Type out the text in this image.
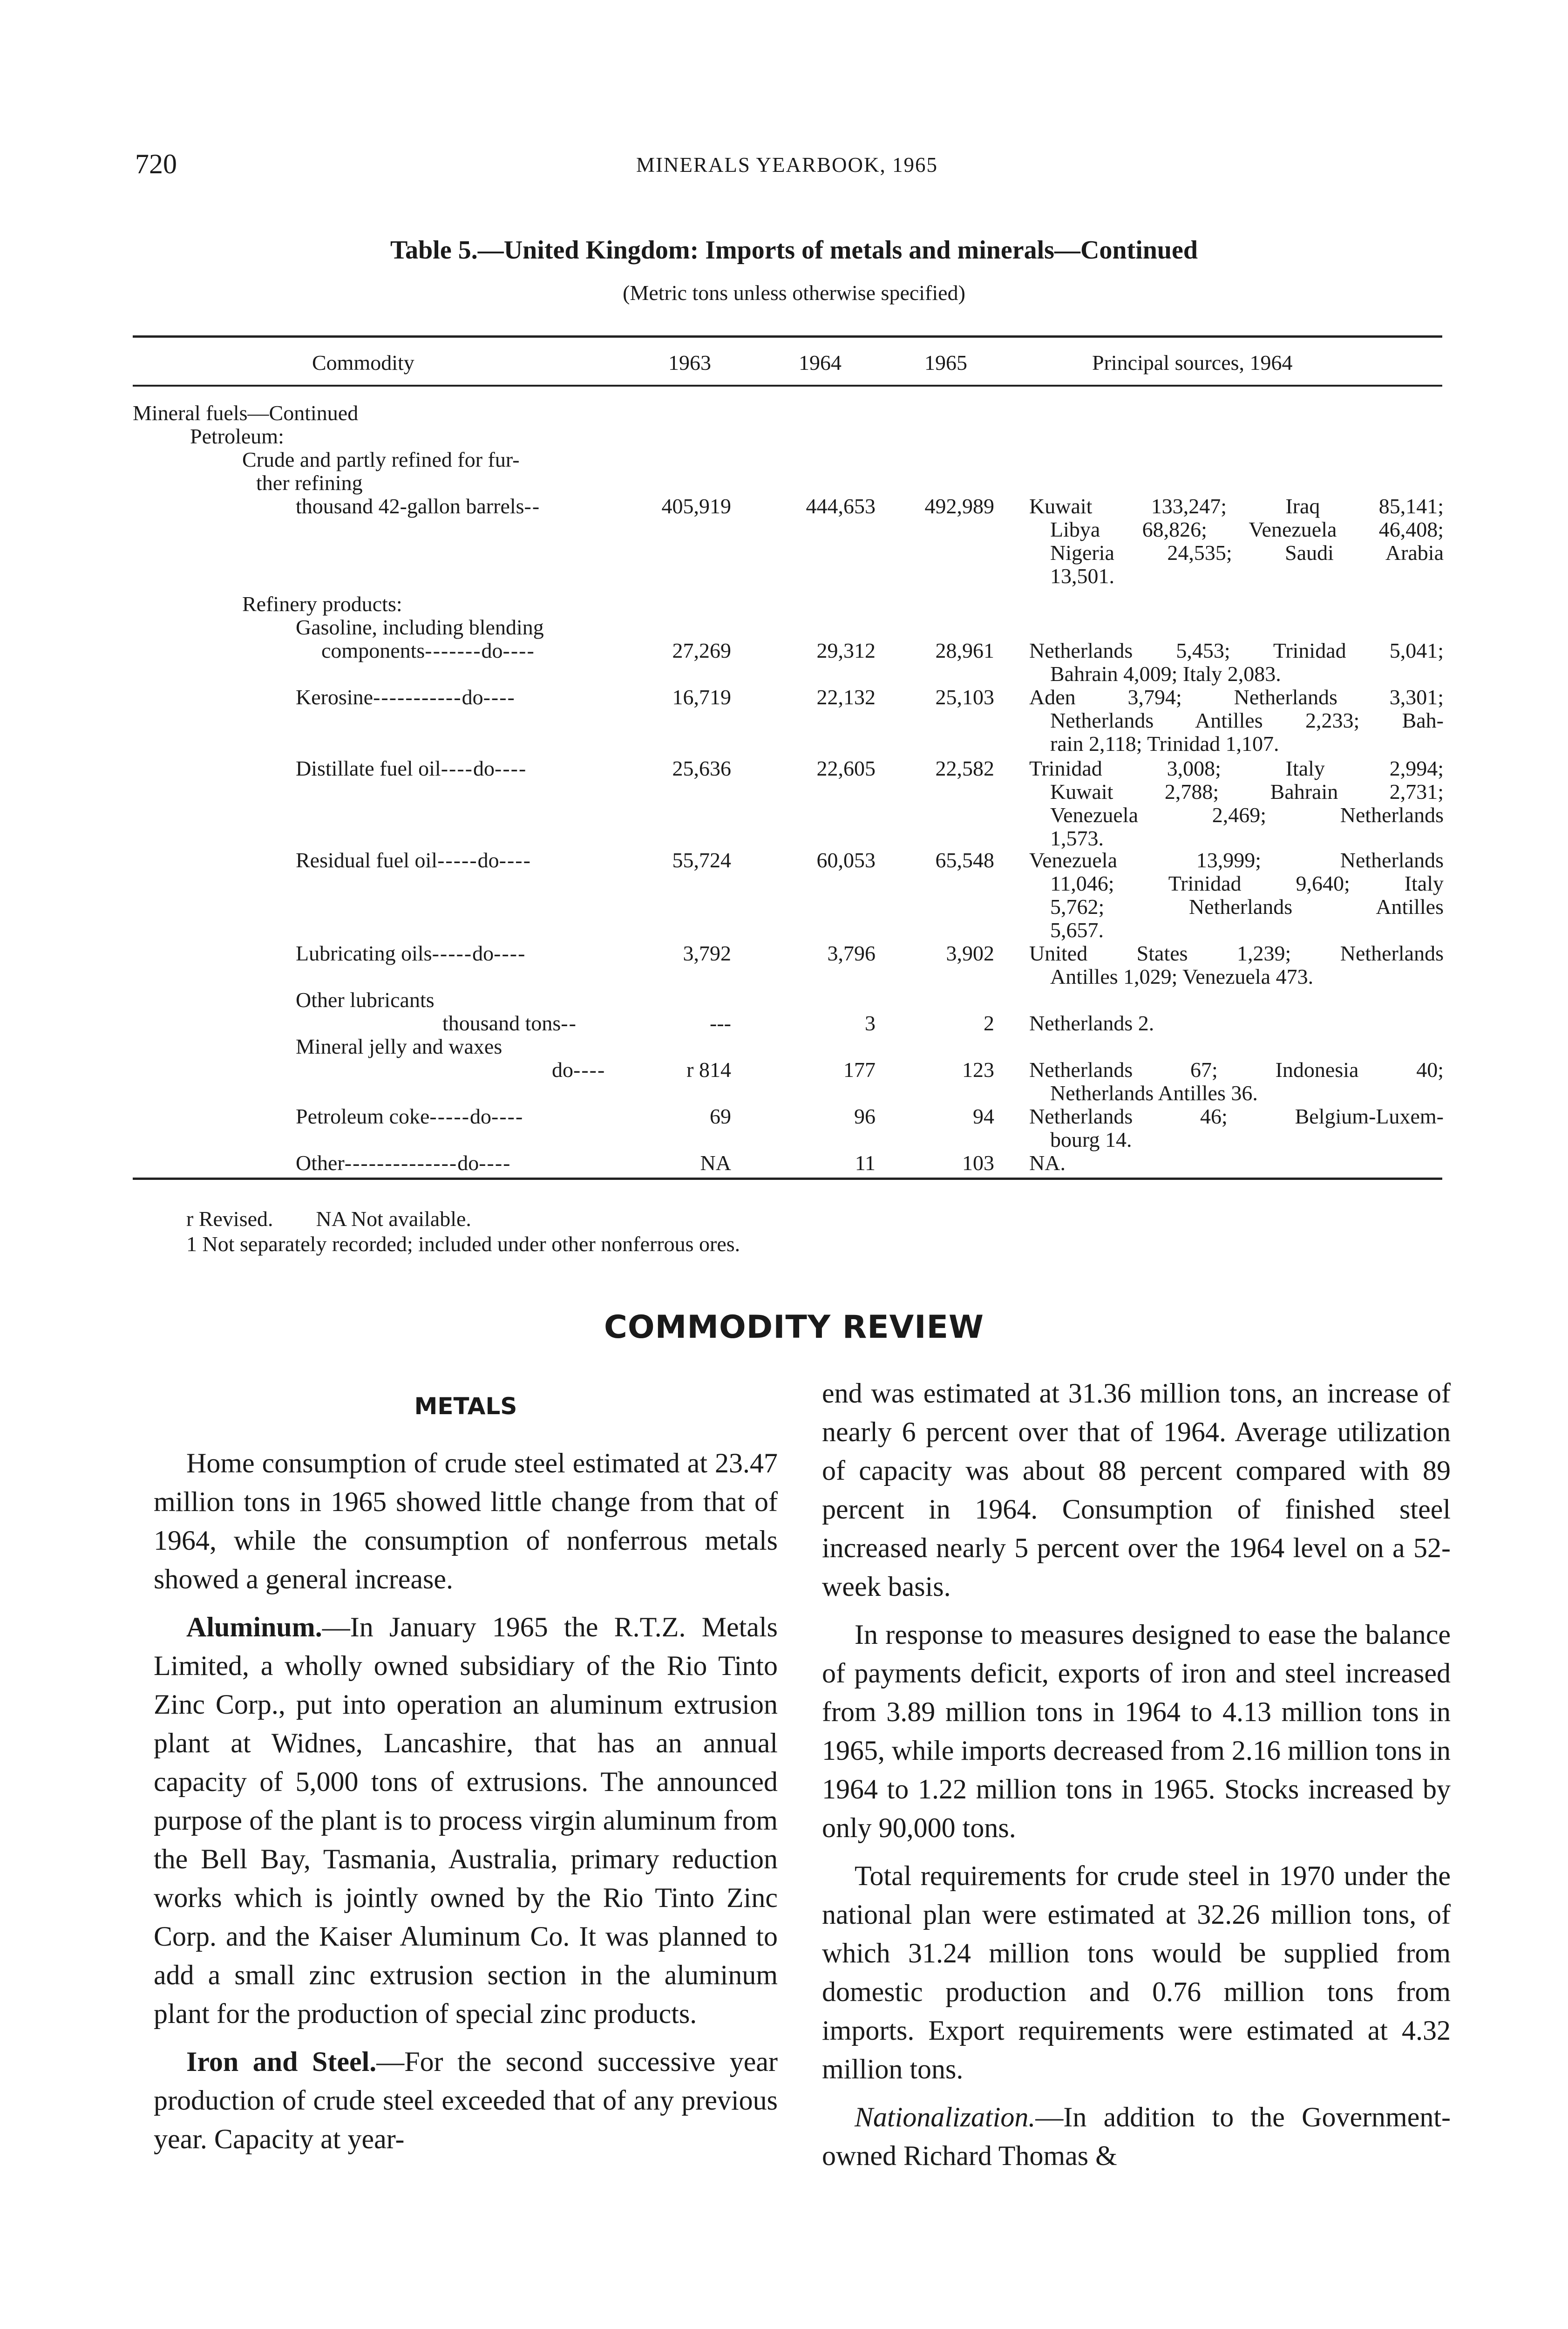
720	MINERALS YEARBOOK, 1965
Table 5.—United Kingdom: Imports of metals and minerals—Continued
(Metric tons unless otherwise specified)
Commodity	1963	1964	1965	Principal sources, 1964
Mineral fuels—Continued
Petroleum:
Crude and partly refined for fur-
ther refining
thousand 42-gallon barrels--	405,919	444,653	492,989 Kuwait 133,247; Iraq 85,141;
Libya 68,826; Venezuela 46,408;
Nigeria 24,535; Saudi Arabia
13,501.
Refinery products:
Gasoline, including blending
components-------do----	27,269	29,312	28,961 Netherlands 5,453; Trinidad 5,041;
Bahrain 4,009; Italy 2,083.
Kerosine-----------do----	16,719	22,132	25,103 Aden 3,794; Netherlands 3,301;
Netherlands Antilles 2,233; Bah-
rain 2,118; Trinidad 1,107.
Distillate fuel oil----do----	25,636	22,605	22,582 Trinidad 3,008; Italy 2,994;
Kuwait 2,788; Bahrain 2,731;
Venezuela 2,469; Netherlands
1,573.
Residual fuel oil-----do----	55,724	60,053	65,548 Venezuela 13,999; Netherlands
11,046; Trinidad 9,640; Italy
5,762; Netherlands Antilles
5,657.
Lubricating oils-----do----	3,792	3,796	3,902 United States 1,239; Netherlands
Antilles 1,029; Venezuela 473.
Other lubricants
thousand tons--	---	3	2 Netherlands 2.
Mineral jelly and waxes
do----	r 814	177	123 Netherlands 67; Indonesia 40;
Netherlands Antilles 36.
Petroleum coke-----do----	69	96	94 Netherlands 46; Belgium-Luxem-
bourg 14.
Other--------------do----	NA	11	103 NA.
r Revised.        NA Not available.
1 Not separately recorded; included under other nonferrous ores.
COMMODITY REVIEW
METALS

Home consumption of crude steel estimated at 23.47 million tons in 1965 showed little change from that of 1964, while the consumption of nonferrous metals showed a general increase.

Aluminum.—In January 1965 the R.T.Z. Metals Limited, a wholly owned subsidiary of the Rio Tinto Zinc Corp., put into operation an aluminum extrusion plant at Widnes, Lancashire, that has an annual capacity of 5,000 tons of extrusions. The announced purpose of the plant is to process virgin aluminum from the Bell Bay, Tasmania, Australia, primary reduction works which is jointly owned by the Rio Tinto Zinc Corp. and the Kaiser Aluminum Co. It was planned to add a small zinc extrusion section in the aluminum plant for the production of special zinc products.

Iron and Steel.—For the second successive year production of crude steel exceeded that of any previous year. Capacity at year-

end was estimated at 31.36 million tons, an increase of nearly 6 percent over that of 1964. Average utilization of capacity was about 88 percent compared with 89 percent in 1964. Consumption of finished steel increased nearly 5 percent over the 1964 level on a 52-week basis.

In response to measures designed to ease the balance of payments deficit, exports of iron and steel increased from 3.89 million tons in 1964 to 4.13 million tons in 1965, while imports decreased from 2.16 million tons in 1964 to 1.22 million tons in 1965. Stocks increased by only 90,000 tons.

Total requirements for crude steel in 1970 under the national plan were estimated at 32.26 million tons, of which 31.24 million tons would be supplied from domestic production and 0.76 million tons from imports. Export requirements were estimated at 4.32 million tons.

Nationalization.—In addition to the Government-owned Richard Thomas &
